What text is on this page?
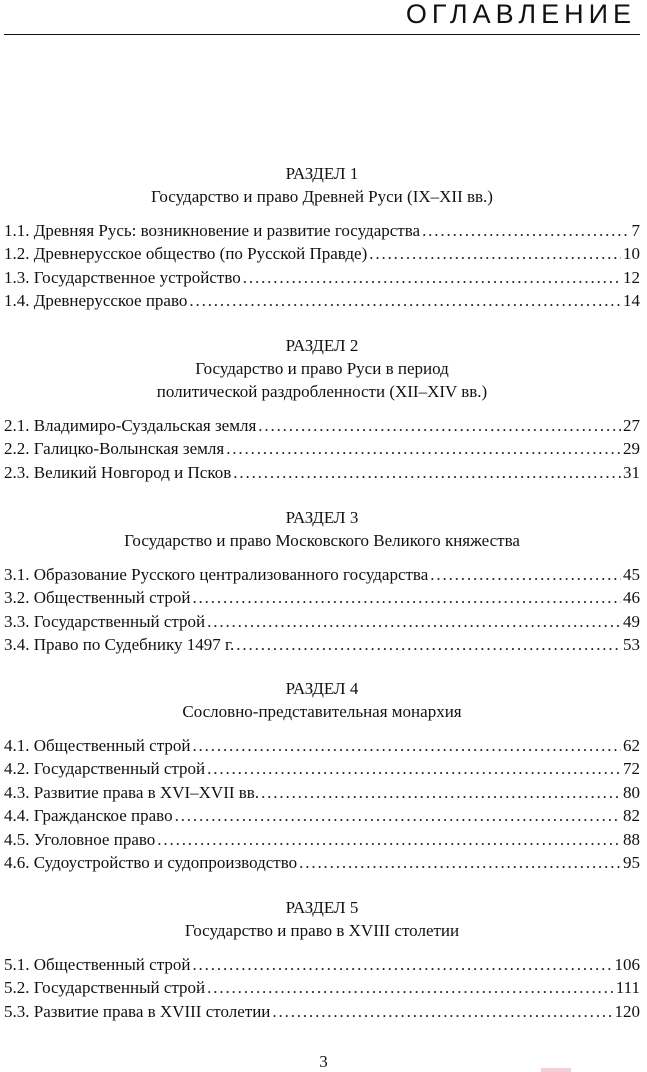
ОГЛАВЛЕНИЕ
РАЗДЕЛ 1
Государство и право Древней Руси (IX–XII вв.)
1.1. Древняя Русь: возникновение и развитие государства . . .	7
1.2. Древнерусское общество (по Русской Правде) . . .	10
1.3. Государственное устройство . . .	12
1.4. Древнерусское право . . .	14
РАЗДЕЛ 2
Государство и право Руси в период
политической раздробленности (XII–XIV вв.)
2.1. Владимиро-Суздальская земля . . .	27
2.2. Галицко-Волынская земля . . .	29
2.3. Великий Новгород и Псков . . .	31
РАЗДЕЛ 3
Государство и право Московского Великого княжества
3.1. Образование Русского централизованного государства . . .	45
3.2. Общественный строй . . .	46
3.3. Государственный строй . . .	49
3.4. Право по Судебнику 1497 г. . . .	53
РАЗДЕЛ 4
Сословно-представительная монархия
4.1. Общественный строй . . .	62
4.2. Государственный строй . . .	72
4.3. Развитие права в XVI–XVII вв. . . .	80
4.4. Гражданское право . . .	82
4.5. Уголовное право . . .	88
4.6. Судоустройство и судопроизводство . . .	95
РАЗДЕЛ 5
Государство и право в XVIII столетии
5.1. Общественный строй . . .	106
5.2. Государственный строй . . .	111
5.3. Развитие права в XVIII столетии . . .	120
3
